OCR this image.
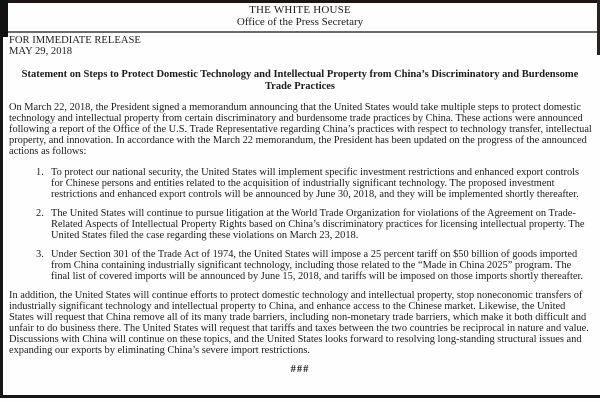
THE WHITE HOUSE
Office of the Press Secretary
FOR IMMEDIATE RELEASE
MAY 29, 2018
Statement on Steps to Protect Domestic Technology and Intellectual Property from China’s Discriminatory and Burdensome Trade Practices

On March 22, 2018, the President signed a memorandum announcing that the United States would take multiple steps to protect domestic technology and intellectual property from certain discriminatory and burdensome trade practices by China. These actions were announced following a report of the Office of the U.S. Trade Representative regarding China’s practices with respect to technology transfer, intellectual property, and innovation. In accordance with the March 22 memorandum, the President has been updated on the progress of the announced actions as follows:

1. To protect our national security, the United States will implement specific investment restrictions and enhanced export controls for Chinese persons and entities related to the acquisition of industrially significant technology. The proposed investment restrictions and enhanced export controls will be announced by June 30, 2018, and they will be implemented shortly thereafter.
2. The United States will continue to pursue litigation at the World Trade Organization for violations of the Agreement on Trade-Related Aspects of Intellectual Property Rights based on China’s discriminatory practices for licensing intellectual property. The United States filed the case regarding these violations on March 23, 2018.
3. Under Section 301 of the Trade Act of 1974, the United States will impose a 25 percent tariff on $50 billion of goods imported from China containing industrially significant technology, including those related to the “Made in China 2025” program. The final list of covered imports will be announced by June 15, 2018, and tariffs will be imposed on those imports shortly thereafter.

In addition, the United States will continue efforts to protect domestic technology and intellectual property, stop noneconomic transfers of industrially significant technology and intellectual property to China, and enhance access to the Chinese market. Likewise, the United States will request that China remove all of its many trade barriers, including non-monetary trade barriers, which make it both difficult and unfair to do business there. The United States will request that tariffs and taxes between the two countries be reciprocal in nature and value. Discussions with China will continue on these topics, and the United States looks forward to resolving long-standing structural issues and expanding our exports by eliminating China’s severe import restrictions.

###
